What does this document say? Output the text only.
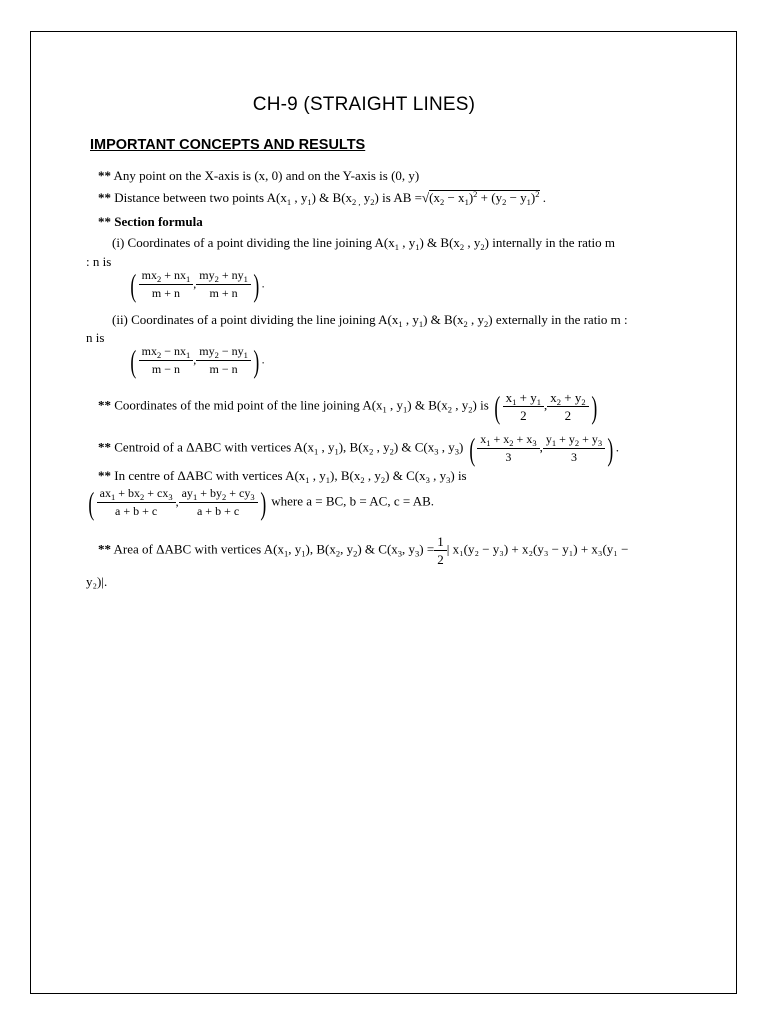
CH-9 (STRAIGHT LINES)
IMPORTANT CONCEPTS AND RESULTS
** Any point on the X-axis is (x, 0) and on the Y-axis is (0, y)
** Distance between two points $A(x_1$ , $y_1$) & $B(x_{2 ,}$ $y_2$) is AB $=√(x_2 - x_1)^2 + (y_2 - y_1)^2$ .
** Section formula
(i) Coordinates of a point dividing the line joining $A(x_1$ , $y_1$) & $B(x_2$ , $y_2$) internally in the ratio m
: n is
( $\frac{mx_2 + nx_1}{m + n}$ , $\frac{my_2 + ny_1}{m + n}$ ) .
(ii) Coordinates of a point dividing the line joining $A(x_1$ , $y_1$) & $B(x_2$ , $y_2$) externally in the ratio m :
n is
( $\frac{mx_2 - nx_1}{m - n}$ , $\frac{my_2 - ny_1}{m - n}$ ) .
** Coordinates of the mid point of the line joining $A(x_1$ , $y_1$) & $B(x_2$ , $y_2$) is ( $\frac{x_1 + y_1}{2}$ , $\frac{x_2 + y_2}{2}$ )
** Centroid of a ΔABC with vertices $A(x_1$ , $y_1$), $B(x_2$ , $y_2$) & $C(x_3$ , $y_3$) ( $\frac{x_1 + x_2 + x_3}{3}$ , $\frac{y_1 + y_2 + y_3}{3}$ ) .
** In centre of ΔABC with vertices $A(x_1$ , $y_1$), $B(x_2$ , $y_2$) & $C(x_3$ , $y_3$) is
( $\frac{ax_1 + bx_2 + cx_3}{a + b + c}$ , $\frac{ay_1 + by_2 + cy_3}{a + b + c}$ ) where a = BC, b = AC, c = AB.
** Area of ΔABC with vertices $A(x_1$, $y_1$), $B(x_2$, $y_2$) & $C(x_3$, $y_3) = \frac{1}{2}$ | x₁(y₂ − y₃) + x₂(y₃ − y₁) + x₃(y₁ −
y₂)|.
